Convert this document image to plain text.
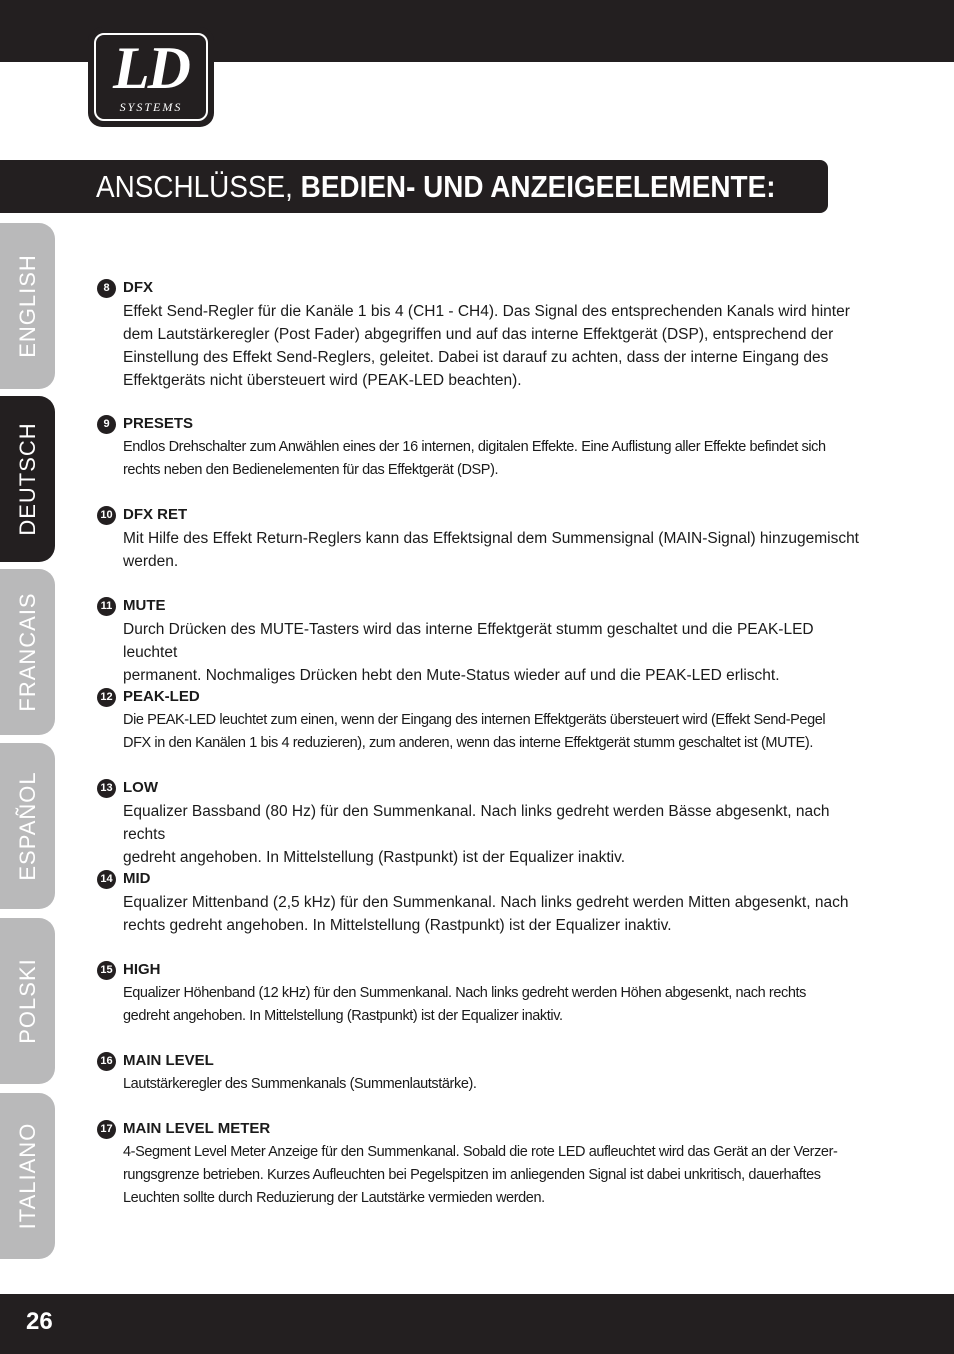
LD
SYSTEMS
ANSCHLÜSSE, BEDIEN- UND ANZEIGEELEMENTE:
ENGLISH
DEUTSCH
FRANCAIS
ESPAÑOL
POLSKI
ITALIANO
8 DFX
Effekt Send-Regler für die Kanäle 1 bis 4 (CH1 - CH4). Das Signal des entsprechenden Kanals wird hinter
dem Lautstärkeregler (Post Fader) abgegriffen und auf das interne Effektgerät (DSP), entsprechend der
Einstellung des Effekt Send-Reglers, geleitet. Dabei ist darauf zu achten, dass der interne Eingang des
Effektgeräts nicht übersteuert wird (PEAK-LED beachten).
9 PRESETS
Endlos Drehschalter zum Anwählen eines der 16 internen, digitalen Effekte. Eine Auflistung aller Effekte befindet sich
rechts neben den Bedienelementen für das Effektgerät (DSP).
10 DFX RET
Mit Hilfe des Effekt Return-Reglers kann das Effektsignal dem Summensignal (MAIN-Signal) hinzugemischt
werden.
11 MUTE
Durch Drücken des MUTE-Tasters wird das interne Effektgerät stumm geschaltet und die PEAK-LED leuchtet
permanent. Nochmaliges Drücken hebt den Mute-Status wieder auf und die PEAK-LED erlischt.
12 PEAK-LED
Die PEAK-LED leuchtet zum einen, wenn der Eingang des internen Effektgeräts übersteuert wird (Effekt Send-Pegel
DFX in den Kanälen 1 bis 4 reduzieren), zum anderen, wenn das interne Effektgerät stumm geschaltet ist (MUTE).
13 LOW
Equalizer Bassband (80 Hz) für den Summenkanal. Nach links gedreht werden Bässe abgesenkt, nach rechts
gedreht angehoben. In Mittelstellung (Rastpunkt) ist der Equalizer inaktiv.
14 MID
Equalizer Mittenband (2,5 kHz) für den Summenkanal. Nach links gedreht werden Mitten abgesenkt, nach
rechts gedreht angehoben. In Mittelstellung (Rastpunkt) ist der Equalizer inaktiv.
15 HIGH
Equalizer Höhenband (12 kHz) für den Summenkanal. Nach links gedreht werden Höhen abgesenkt, nach rechts
gedreht angehoben. In Mittelstellung (Rastpunkt) ist der Equalizer inaktiv.
16 MAIN LEVEL
Lautstärkeregler des Summenkanals (Summenlautstärke).
17 MAIN LEVEL METER
4-Segment Level Meter Anzeige für den Summenkanal. Sobald die rote LED aufleuchtet wird das Gerät an der Verzer-
rungsgrenze betrieben. Kurzes Aufleuchten bei Pegelspitzen im anliegenden Signal ist dabei unkritisch, dauerhaftes
Leuchten sollte durch Reduzierung der Lautstärke vermieden werden.
26
